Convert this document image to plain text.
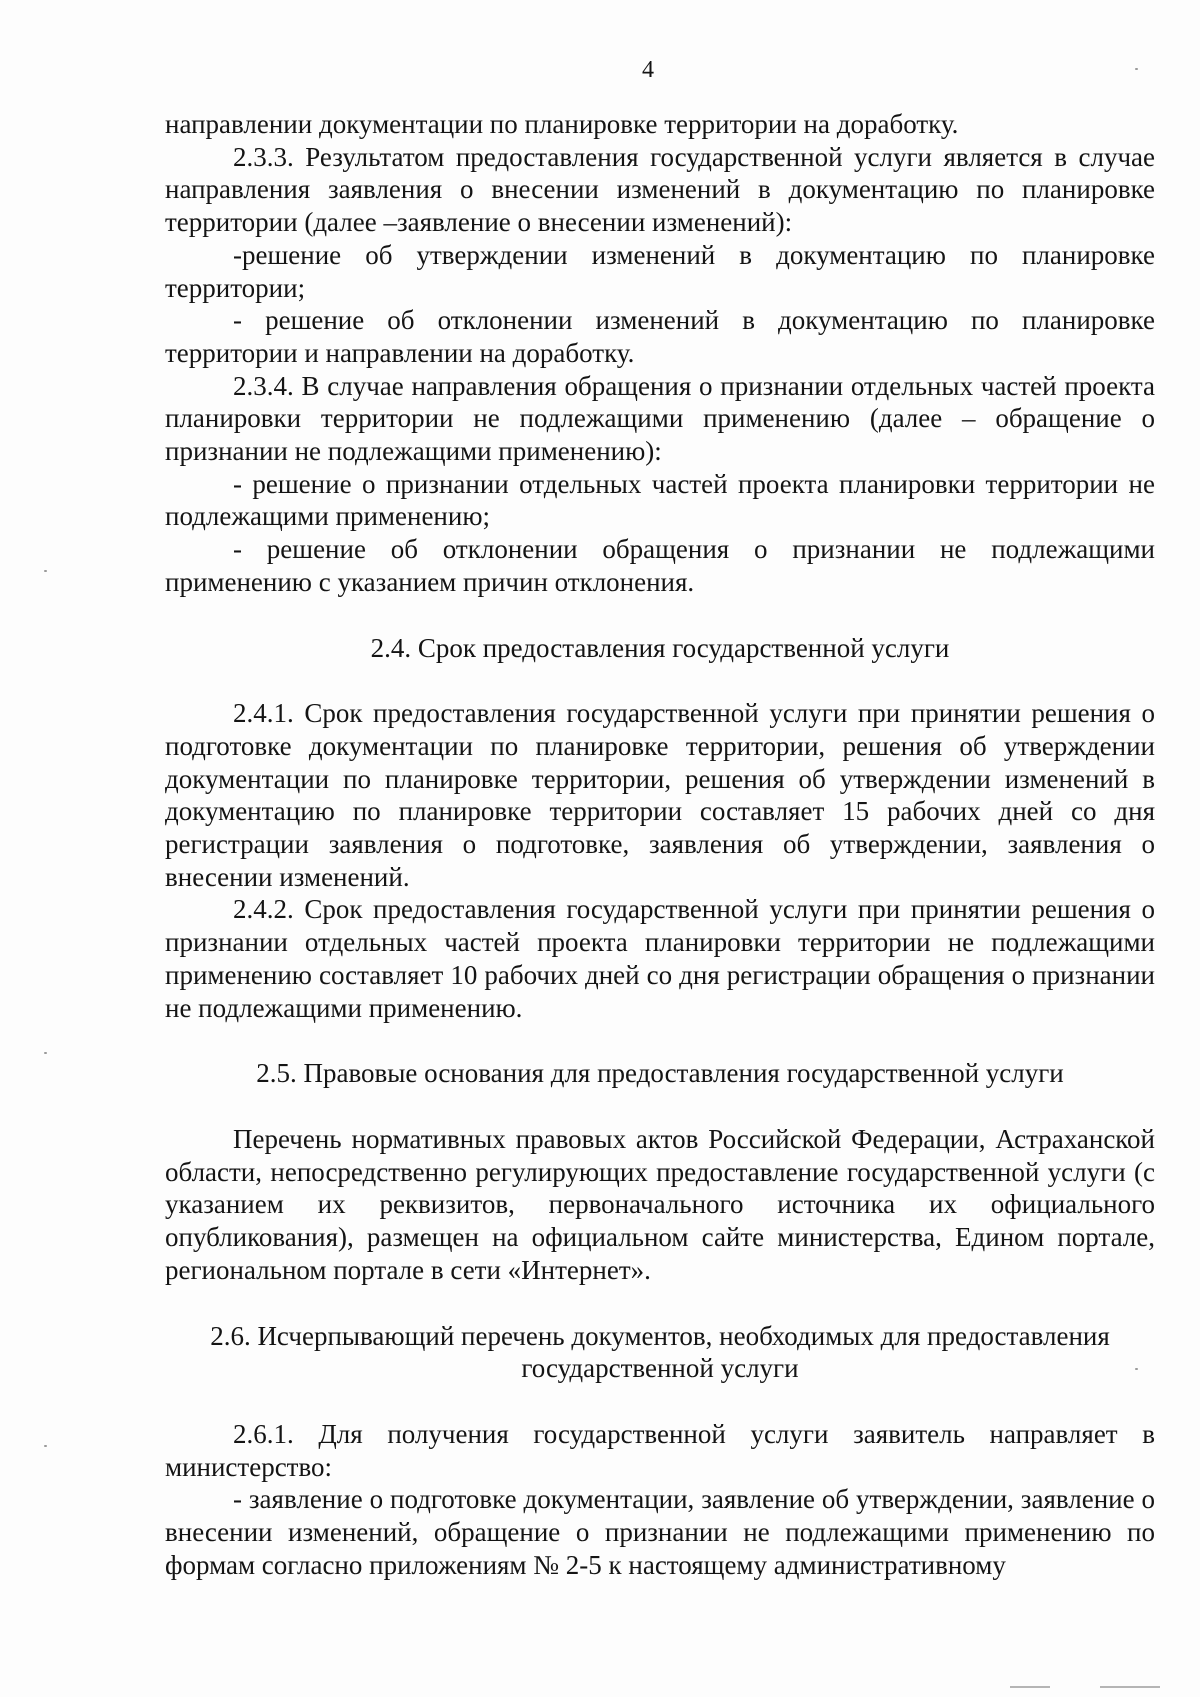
4

направлении документации по планировке территории на доработку.

2.3.3. Результатом предоставления государственной услуги является в случае направления заявления о внесении изменений в документацию по планировке территории (далее –заявление о внесении изменений):

-решение об утверждении изменений в документацию по планировке территории;

- решение об отклонении изменений в документацию по планировке территории и направлении на доработку.

2.3.4. В случае направления обращения о признании отдельных частей проекта планировки территории не подлежащими применению (далее – обращение о признании не подлежащими применению):

- решение о признании отдельных частей проекта планировки территории не подлежащими применению;

- решение об отклонении обращения о признании не подлежащими применению с указанием причин отклонения.

2.4. Срок предоставления государственной услуги

2.4.1. Срок предоставления государственной услуги при принятии решения о подготовке документации по планировке территории, решения об утверждении документации по планировке территории, решения об утверждении изменений в документацию по планировке территории составляет 15 рабочих дней со дня регистрации заявления о подготовке, заявления об утверждении, заявления о внесении изменений.

2.4.2. Срок предоставления государственной услуги при принятии решения о признании отдельных частей проекта планировки территории не подлежащими применению составляет 10 рабочих дней со дня регистрации обращения о признании не подлежащими применению.

2.5. Правовые основания для предоставления государственной услуги

Перечень нормативных правовых актов Российской Федерации, Астраханской области, непосредственно регулирующих предоставление государственной услуги (с указанием их реквизитов, первоначального источника их официального опубликования), размещен на официальном сайте министерства, Едином портале, региональном портале в сети «Интернет».

2.6. Исчерпывающий перечень документов, необходимых для предоставления
государственной услуги

2.6.1. Для получения государственной услуги заявитель направляет в министерство:

- заявление о подготовке документации, заявление об утверждении, заявление о внесении изменений, обращение о признании не подлежащими применению по формам согласно приложениям № 2-5 к настоящему административному
